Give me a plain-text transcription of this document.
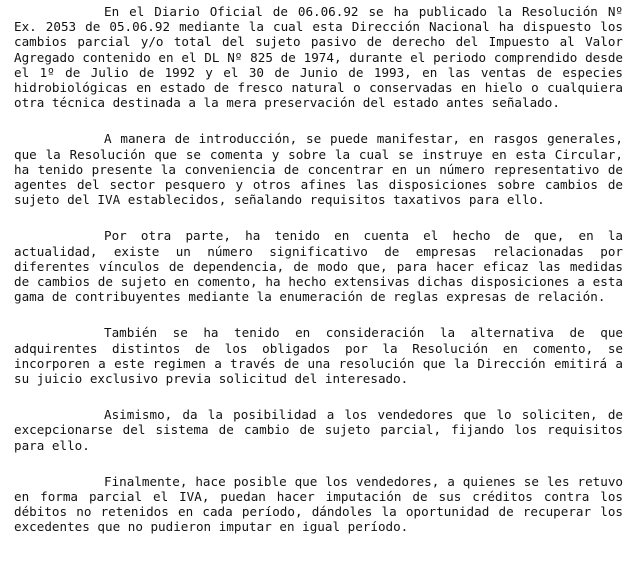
En el Diario Oficial de 06.06.92 se ha publicado la Resolución Nº Ex. 2053 de 05.06.92 mediante la cual esta Dirección Nacional ha dispuesto los cambios parcial y/o total del sujeto pasivo de derecho del Impuesto al Valor Agregado contenido en el DL Nº 825 de 1974, durante el periodo comprendido desde el 1º de Julio de 1992 y el 30 de Junio de 1993, en las ventas de especies hidrobiológicas en estado de fresco natural o conservadas en hielo o cualquiera otra técnica destinada a la mera preservación del estado antes señalado.

A manera de introducción, se puede manifestar, en rasgos generales, que la Resolución que se comenta y sobre la cual se instruye en esta Circular, ha tenido presente la conveniencia de concentrar en un número representativo de agentes del sector pesquero y otros afines las disposiciones sobre cambios de sujeto del IVA establecidos, señalando requisitos taxativos para ello.

Por otra parte, ha tenido en cuenta el hecho de que, en la actualidad, existe un número significativo de empresas relacionadas por diferentes vínculos de dependencia, de modo que, para hacer eficaz las medidas de cambios de sujeto en comento, ha hecho extensivas dichas disposiciones a esta gama de contribuyentes mediante la enumeración de reglas expresas de relación.

También se ha tenido en consideración la alternativa de que adquirentes distintos de los obligados por la Resolución en comento, se incorporen a este regimen a través de una resolución que la Dirección emitirá a su juicio exclusivo previa solicitud del interesado.

Asimismo, da la posibilidad a los vendedores que lo soliciten, de excepcionarse del sistema de cambio de sujeto parcial, fijando los requisitos para ello.

Finalmente, hace posible que los vendedores, a quienes se les retuvo en forma parcial el IVA, puedan hacer imputación de sus créditos contra los débitos no retenidos en cada período, dándoles la oportunidad de recuperar los excedentes que no pudieron imputar en igual período.
